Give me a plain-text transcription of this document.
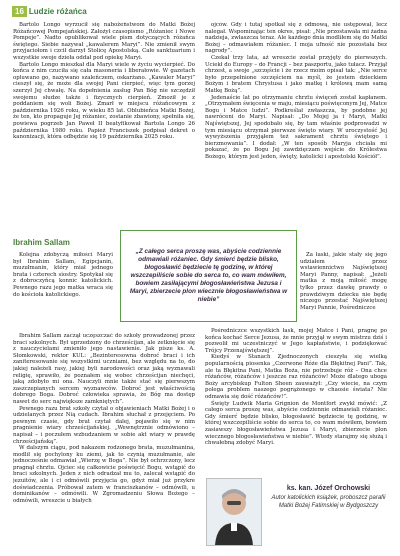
16 Ludzie różańca

Bartolo Longo wyrzucił się nabożeństwom do Matki Bożej Różańcowej Pompejańskiej. Założył czasopismo „Różaniec i Nowe Pompeje”. Nadto opublikował wiele pism dotyczących różańca świętego. Siebie nazywał „kawalerem Maryi”. Nie zmienił swym przyjaciołom i czcił darzył Stolicę Apostolską. Całe sanktuarium i wszystkie swoje dzieła oddał pod opiekę Maryi.

Bartolo Longo mieszkał dla Maryi wiele w życiu wycierpieć. Do końca z nim czuciła się cała masoneria i liberałowie. W gazetach opluwano go, nazywano szaleńczem, oskarżano. „Kawaler Maryi” cieszył się, że może dla swojej Pani cierpieć, więc tym gorzej szerzył Jej chwałę. Na dopełnienia zasług Pan Bóg nie szczędził swojemu słudze także i fizycznych cierpień. Zmoził je z poddaniem się woli Bożej. Zmarł w miejscu różańcowym z października 1926 roku, w wieku 85 lat. Oblubieńca Matki Bożej, że ten, kto propaguje Jej różaniec, zostanie zbawiony, spełniła się, powiewa pogrzeb Jan Paweł II beatyfikował Bartola Longo 26 października 1980 roku. Papież Franciszek podpisał dekret o kanonizacji, która odbędzie się 19 października 2025 roku.

ojców. Gdy i tutaj spotkał się z odmową, nie ustępował, lecz nalegał. Wspominając ten okres, pisał: „Nie przostawała mi żadna nadzieja, zwłaszcza teraz. Ale każdego dnia modliłem się do Matki Bożej – odmawiałem różaniec. I moja ufność nie pozostała bez nagrody”.

Czekał trzy lata, aż wreszcie został przyjęty do pierwszych. Uciekł do Europy – do Francji – bez paszportu, jako tułacz. Przyjął chrzest, a swoje „szczęście i że rzecz moim opisał tak: „Nie serce było przepełnione szczęściem na myśl, że jestem dzieckiem Bożym i bratem Chrystusa i jako matkę i królową mam samą Matkę Bożą”.

Jedenaście lat po otrzymaniu chrztu święceń został kapłanem. „Otrzymałem święcenia w maju, miesiącu poświęconym Jej, Matce Bogu i Matce ludzi”. Podkreślał zwłaszcza, by podobne jej nawróceni do Maryi. Napisał: „Do Mojej ja i Maryi, Matki Najświętszej, Jej spodobało się, by tam właśnie podprowadzi w tym miesiącu otrzymał pierwsze święto wiary. W uroczystość Jej wywyższenia przyjąłem też sakrament chrztu świętego i bierzmowania”. I dodał: „W ten sposób Maryja chciała mi pokazać, że po Bogu Jej zawdzięczam wejście do Królestwa Bożego, którym jest jeden, święty, katolicki i apostolski Kościół”.

Ibrahim Sallam
„Z całego serca proszę was, abyście codziennie odmawiali różaniec. Gdy śmierć będzie blisko, błogosławić będziecie tę godzinę, w której wszczepiliście sobie do serca to, co wam mówiłem, bowiem zasiłającymi błogosławieństwa Jezusa i Maryi, zbierzecie plon wiecznie błogosławieństwa w niebie”

Kolejna zdobyczą miłości Maryi był Ibrahim Sallam, Egipcjanin, muzułmanin, który miał jednego brata i czterech siostry. Spotykał się z dobroczyńcą konnic katolickich. Pewnego razu jego matka wraca się do kościoła katolickiego.

Za łaski, jakie stały się jego udziałem przez wstawiennictwo Najświętszej Maryi Panny, napisał: „Jeżeli matka z moją miłość mogę tylko przez dawkę prawdy o prawdziwym dziecku nie będę niczego przestać Najświętszej Maryi Pannie, Pośredniczce

Ibrahim Sallam zaczął uczęszczać do szkoły prowadzonej przez braci szkolnych. Był uprzedzony do chrześcijan, ale zetknięcie się z nauczycielami zmieniło jego nastawienie. Jak pisze ks. A. Słomkowski, rektor KUL: „Bezinteresowna dobroć braci i ich zaniteresowanie się wszystkimi uczniami, bez względu na to, do jakiej należeli rasy, jakiej byli narodowości oraz jaką wyznawali religię, sprawiło, że poznałem się wobec chrześcijan niechęci, jaką zdobyło mi ona. Nauczyli mnie także stać się pierwszym zaszczepianych sercem wyznawców. Dobroć jest właściwością dobrego Boga. Dobroć człowieka sprawia, że Bóg ma dostęp nawet do serc największe zamkniętych”.

Pewnego razu brat szkoły czytał o objawieniach Matki Bożej i o udzielanych przez Nią cudach. Ibrahim słuchał z przejęciem. Po pewnym czasie, gdy brat czytał dalej, pojawiło się w nim pragnienie wiary chrześcijańskiej. „Wewnętrznie odmówiono – napisał – i poczułem wzbudzaniem w sobie akt wiary w prawdę chrześcijańską”.

W dalszym ciągu, pod nakazem rodzonego brata, muzułmanina, modlił się pochylony ku ziemi, jak to czynią muzułmanie, ale jednocześnie odmawiał „Wierzę w Boga”. Nie był ochrzczony, lecz pragnął chrztu. Ojciec się całkowicie poświęcić Bogu, wstąpić do braci szkolnych. Jeden z nich odradzał mu to, zalecał wstąpić do jezuitów, ale i ci odmówili przyjęcia go, gdyż miał już przykre doświadczenia. Próbował zatem w franciszkanów – odmówili, u dominikanów – odmówili. W Zgromadzeniu Słowa Bożego – odmówili, wreszcie u białych

Pośredniczce wszystkich łask, mojej Matce i Pani, pragnę po końca kochać Serce Jezusa, że mnie przyjął w swym mistrzu dziś i pozwolił mi uczestniczyć w Jego kapłaństwie, i podziękować Trójcy Przenajświętszej”.

Kiedyś w Stanach Zjednoczonych cieszyła się wielką popularnością piosenka „Czerwone Róże dla Błękitnej Pani”. Tak, ale ta Błękitna Pani, Matka Boża, nie potrzebuje róż – Ona chce różańców, różańców i jeszcze raz różańców! Może dlatego uboga Boży arcybiskup Fulton Sheen zauważył: „Czy wiecie, na czym polega problem naszego pogrążonego w chaosie świata? Nie odmawia się dość różańców!”.

Święty Ludwik Maria Grignion de Montfort zwykł mówić: „Z całego serca proszę was, abyście codziennie odmawiali różaniec. Gdy śmierć będzie blisko, błogosławić będziecie tę godzinę, w której wszczepiliście sobie do serca to, co wam mówiłem, bowiem zasiawszy błogosławieństwa Jezusa i Maryi, zbierzecie plon wiecznego błogosławieństwa w niebie”. Wtedy starajmy się służą i chwałebną zdobyć Maryi.

ks. kan. Józef Orchowski
Autor katolickich książek, proboszcz parafii Matki Bożej Fatimskiej w Bydgoszczy
